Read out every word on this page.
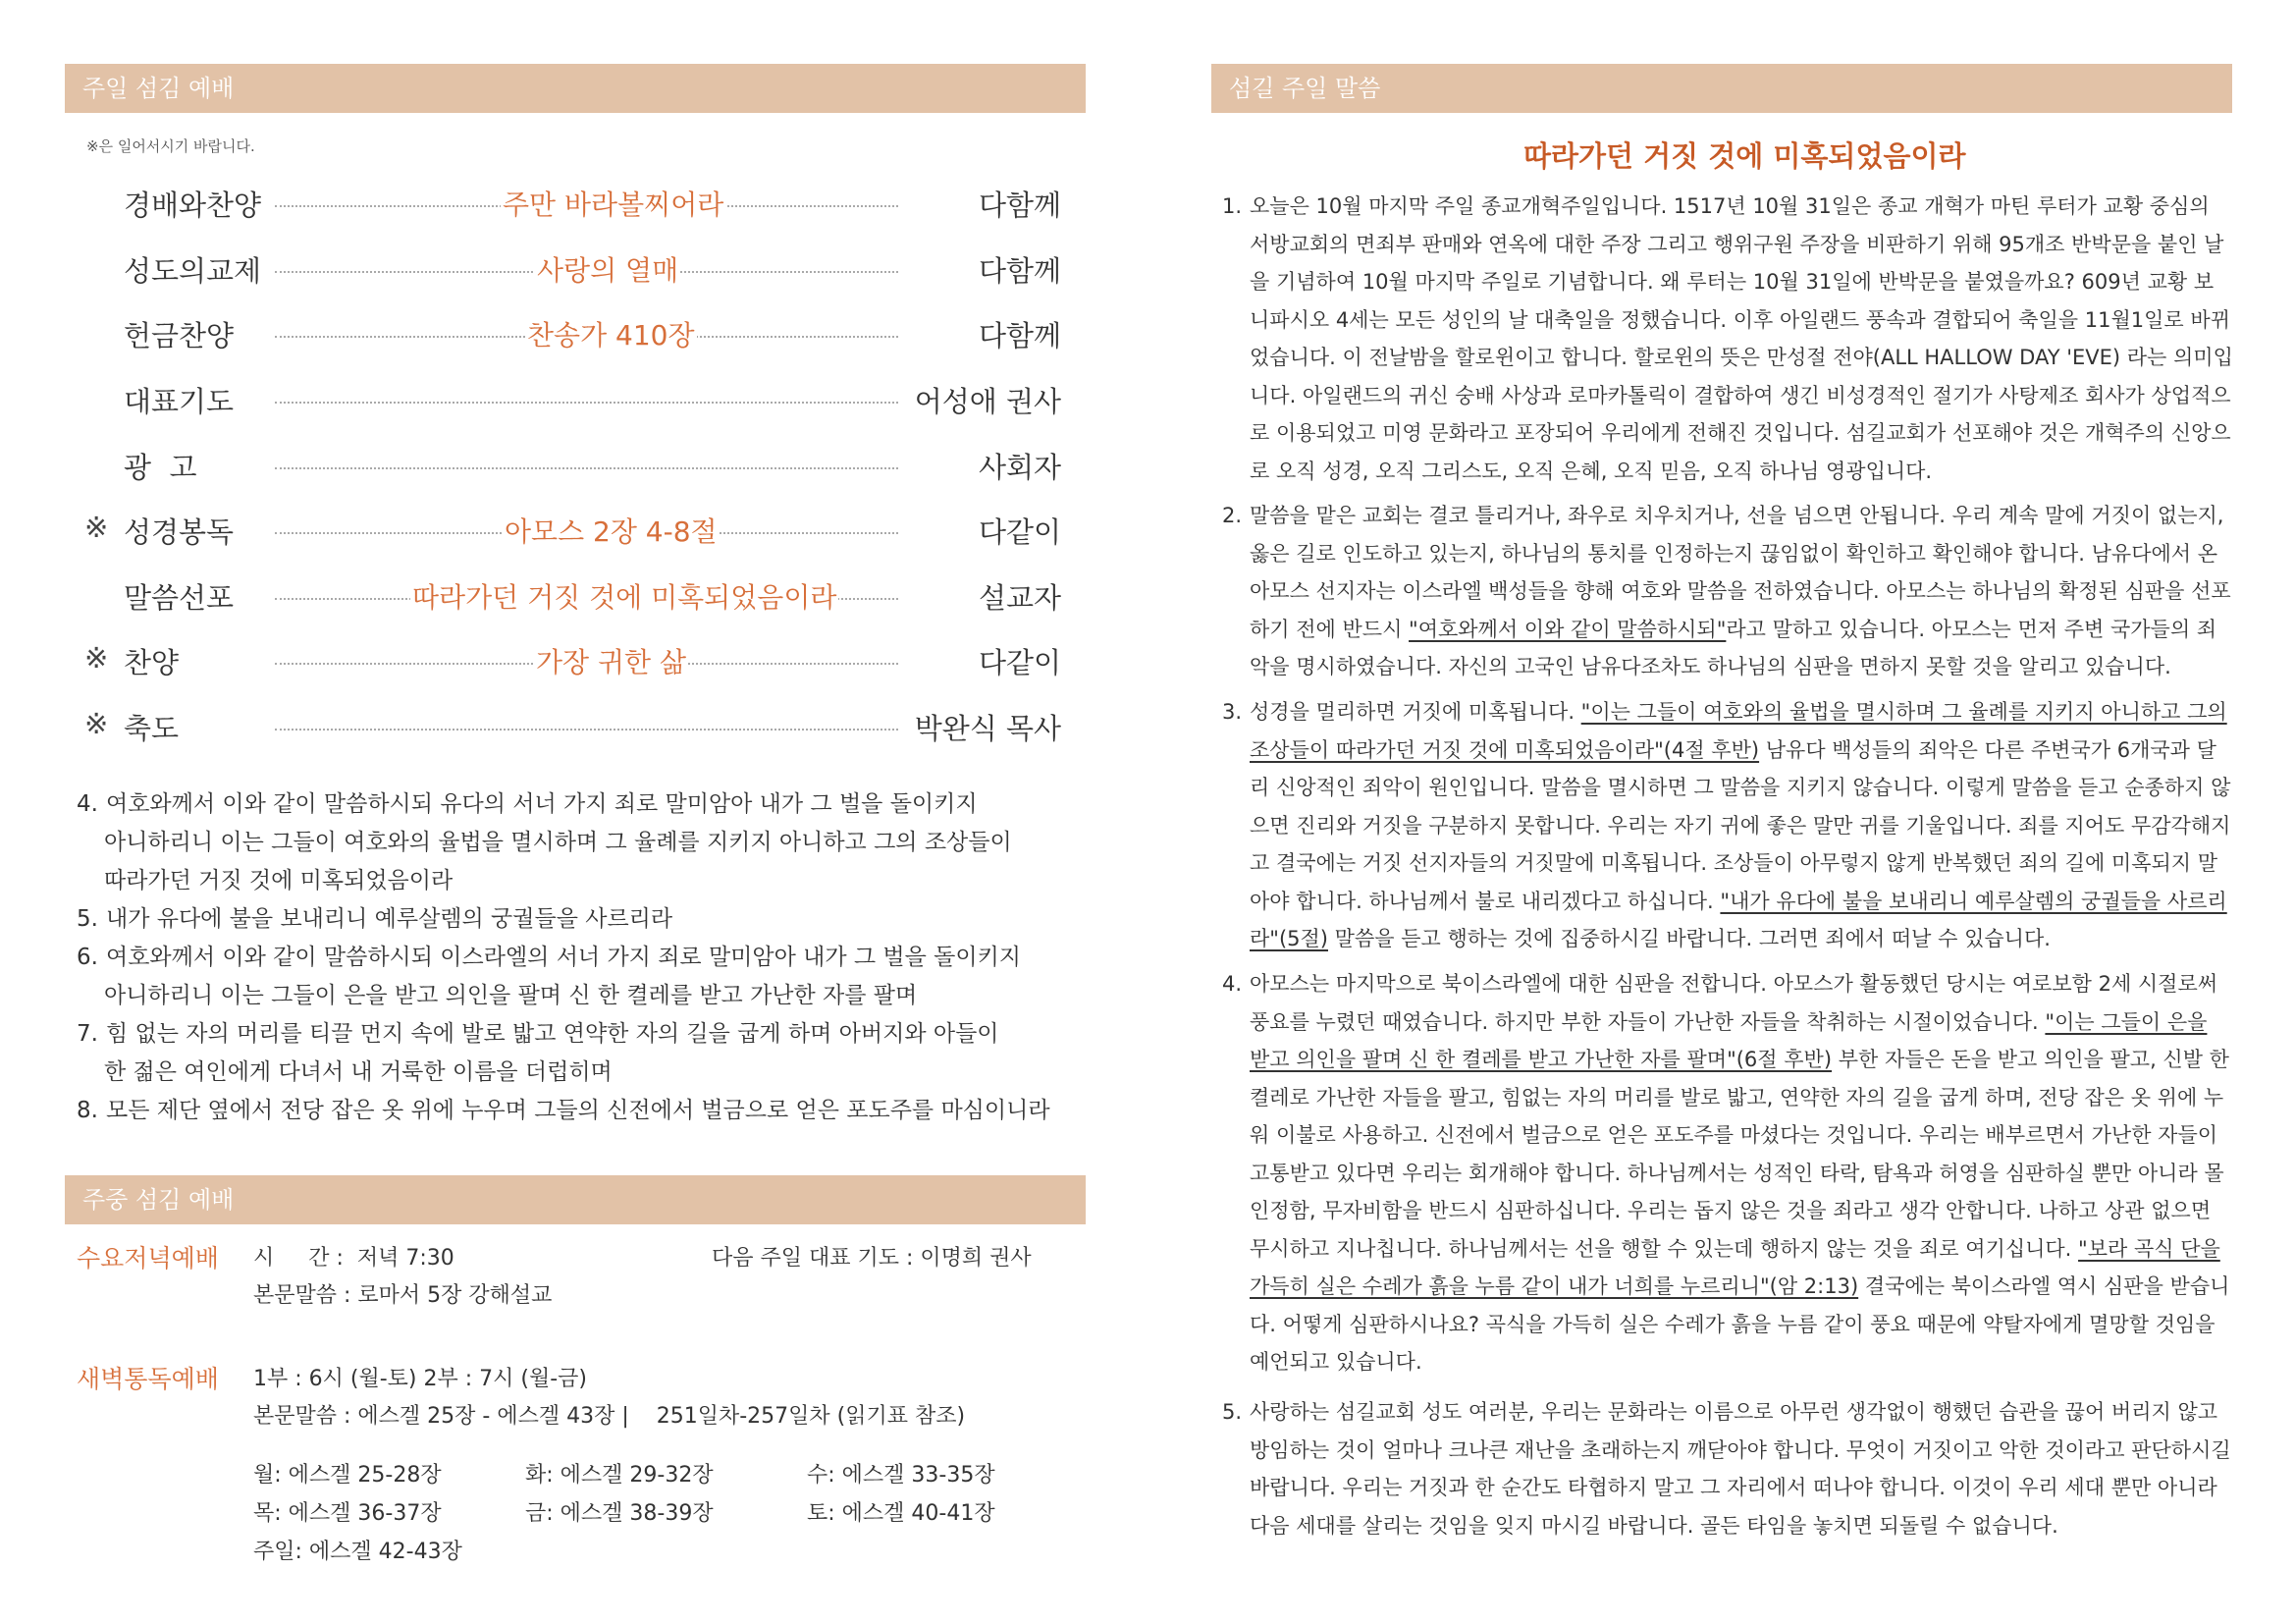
주일 섬김 예배
※은 일어서시기 바랍니다.
경배와찬양	주만 바라볼찌어라	다함께
성도의교제	사랑의 열매	다함께
헌금찬양	찬송가 410장	다함께
대표기도	어성애 권사
광  고	사회자
※ 성경봉독	아모스 2장 4-8절	다같이
말씀선포	따라가던 거짓 것에 미혹되었음이라	설교자
※ 찬양	가장 귀한 삶	다같이
※ 축도	박완식 목사
4. 여호와께서 이와 같이 말씀하시되 유다의 서너 가지 죄로 말미암아 내가 그 벌을 돌이키지
아니하리니 이는 그들이 여호와의 율법을 멸시하며 그 율례를 지키지 아니하고 그의 조상들이
따라가던 거짓 것에 미혹되었음이라
5. 내가 유다에 불을 보내리니 예루살렘의 궁궐들을 사르리라
6. 여호와께서 이와 같이 말씀하시되 이스라엘의 서너 가지 죄로 말미암아 내가 그 벌을 돌이키지
아니하리니 이는 그들이 은을 받고 의인을 팔며 신 한 켤레를 받고 가난한 자를 팔며
7. 힘 없는 자의 머리를 티끌 먼지 속에 발로 밟고 연약한 자의 길을 굽게 하며 아버지와 아들이
한 젊은 여인에게 다녀서 내 거룩한 이름을 더럽히며
8. 모든 제단 옆에서 전당 잡은 옷 위에 누우며 그들의 신전에서 벌금으로 얻은 포도주를 마심이니라
주중 섬김 예배
수요저녁예배 시     간 :  저녁 7:30
본문말씀 : 로마서 5장 강해설교
다음 주일 대표 기도 : 이명희 권사
새벽통독예배 1부 : 6시 (월-토) 2부 : 7시 (월-금)
본문말씀 : 에스겔 25장 - 에스겔 43장 |    251일차-257일차 (읽기표 참조)
월: 에스겔 25-28장	화: 에스겔 29-32장	수: 에스겔 33-35장
목: 에스겔 36-37장	금: 에스겔 38-39장	토: 에스겔 40-41장
주일: 에스겔 42-43장
섬길 주일 말씀
따라가던 거짓 것에 미혹되었음이라
1. 오늘은 10월 마지막 주일 종교개혁주일입니다. 1517년 10월 31일은 종교 개혁가 마틴 루터가 교황 중심의 서방교회의 면죄부 판매와 연옥에 대한 주장 그리고 행위구원 주장을 비판하기 위해 95개조 반박문을 붙인 날을 기념하여 10월 마지막 주일로 기념합니다. 왜 루터는 10월 31일에 반박문을 붙였을까요? 609년 교황 보니파시오 4세는 모든 성인의 날 대축일을 정했습니다. 이후 아일랜드 풍속과 결합되어 축일을 11월1일로 바뀌었습니다. 이 전날밤을 할로윈이고 합니다. 할로윈의 뜻은 만성절 전야(ALL HALLOW DAY 'EVE) 라는 의미입니다. 아일랜드의 귀신 숭배 사상과 로마카톨릭이 결합하여 생긴 비성경적인 절기가 사탕제조 회사가 상업적으로 이용되었고 미영 문화라고 포장되어 우리에게 전해진 것입니다. 섬길교회가 선포해야 것은 개혁주의 신앙으로 오직 성경, 오직 그리스도, 오직 은혜, 오직 믿음, 오직 하나님 영광입니다.
2. 말씀을 맡은 교회는 결코 틀리거나, 좌우로 치우치거나, 선을 넘으면 안됩니다. 우리 계속 말에 거짓이 없는지, 옳은 길로 인도하고 있는지, 하나님의 통치를 인정하는지 끊임없이 확인하고 확인해야 합니다. 남유다에서 온 아모스 선지자는 이스라엘 백성들을 향해 여호와 말씀을 전하였습니다. 아모스는 하나님의 확정된 심판을 선포하기 전에 반드시 "여호와께서 이와 같이 말씀하시되"라고 말하고 있습니다. 아모스는 먼저 주변 국가들의 죄악을 명시하였습니다. 자신의 고국인 남유다조차도 하나님의 심판을 면하지 못할 것을 알리고 있습니다.
3. 성경을 멀리하면 거짓에 미혹됩니다. "이는 그들이 여호와의 율법을 멸시하며 그 율례를 지키지 아니하고 그의 조상들이 따라가던 거짓 것에 미혹되었음이라"(4절 후반) 남유다 백성들의 죄악은 다른 주변국가 6개국과 달리 신앙적인 죄악이 원인입니다. 말씀을 멸시하면 그 말씀을 지키지 않습니다. 이렇게 말씀을 듣고 순종하지 않으면 진리와 거짓을 구분하지 못합니다. 우리는 자기 귀에 좋은 말만 귀를 기울입니다. 죄를 지어도 무감각해지고 결국에는 거짓 선지자들의 거짓말에 미혹됩니다. 조상들이 아무렇지 않게 반복했던 죄의 길에 미혹되지 말아야 합니다. 하나님께서 불로 내리겠다고 하십니다. "내가 유다에 불을 보내리니 예루살렘의 궁궐들을 사르리라"(5절) 말씀을 듣고 행하는 것에 집중하시길 바랍니다. 그러면 죄에서 떠날 수 있습니다.
4. 아모스는 마지막으로 북이스라엘에 대한 심판을 전합니다. 아모스가 활동했던 당시는 여로보함 2세 시절로써 풍요를 누렸던 때였습니다. 하지만 부한 자들이 가난한 자들을 착취하는 시절이었습니다. "이는 그들이 은을 받고 의인을 팔며 신 한 켤레를 받고 가난한 자를 팔며"(6절 후반) 부한 자들은 돈을 받고 의인을 팔고, 신발 한 켤레로 가난한 자들을 팔고, 힘없는 자의 머리를 발로 밟고, 연약한 자의 길을 굽게 하며, 전당 잡은 옷 위에 누워 이불로 사용하고. 신전에서 벌금으로 얻은 포도주를 마셨다는 것입니다. 우리는 배부르면서 가난한 자들이 고통받고 있다면 우리는 회개해야 합니다. 하나님께서는 성적인 타락, 탐욕과 허영을 심판하실 뿐만 아니라 몰인정함, 무자비함을 반드시 심판하십니다. 우리는 돕지 않은 것을 죄라고 생각 안합니다. 나하고 상관 없으면 무시하고 지나칩니다. 하나님께서는 선을 행할 수 있는데 행하지 않는 것을 죄로 여기십니다. "보라 곡식 단을 가득히 실은 수레가 흙을 누름 같이 내가 너희를 누르리니"(암 2:13) 결국에는 북이스라엘 역시 심판을 받습니다. 어떻게 심판하시나요? 곡식을 가득히 실은 수레가 흙을 누름 같이 풍요 때문에 약탈자에게 멸망할 것임을 예언되고 있습니다.
5. 사랑하는 섬길교회 성도 여러분, 우리는 문화라는 이름으로 아무런 생각없이 행했던 습관을 끊어 버리지 않고 방임하는 것이 얼마나 크나큰 재난을 초래하는지 깨닫아야 합니다. 무엇이 거짓이고 악한 것이라고 판단하시길 바랍니다. 우리는 거짓과 한 순간도 타협하지 말고 그 자리에서 떠나야 합니다. 이것이 우리 세대 뿐만 아니라 다음 세대를 살리는 것임을 잊지 마시길 바랍니다. 골든 타임을 놓치면 되돌릴 수 없습니다.
